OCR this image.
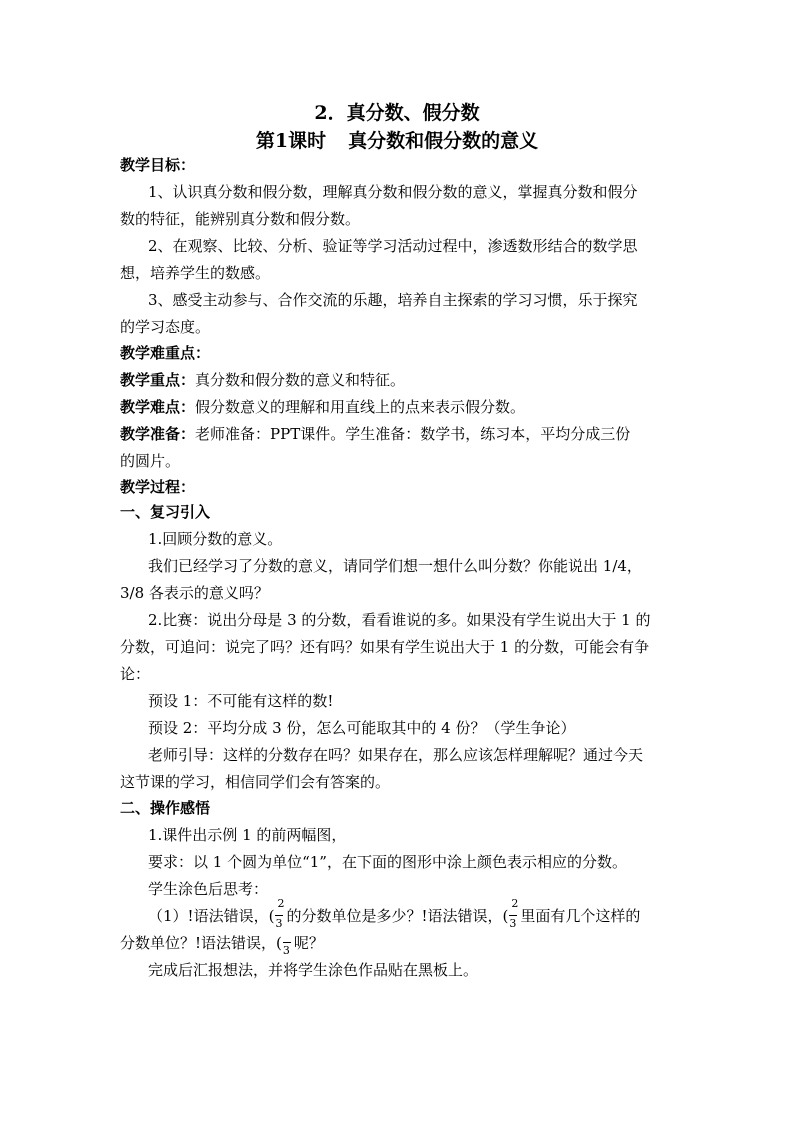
2．真分数、假分数
第1课时 真分数和假分数的意义
教学目标：
1、认识真分数和假分数，理解真分数和假分数的意义，掌握真分数和假分
数的特征，能辨别真分数和假分数。
2、在观察、比较、分析、验证等学习活动过程中，渗透数形结合的数学思
想，培养学生的数感。
3、感受主动参与、合作交流的乐趣，培养自主探索的学习习惯，乐于探究
的学习态度。
教学难重点：
教学重点：真分数和假分数的意义和特征。
教学难点：假分数意义的理解和用直线上的点来表示假分数。
教学准备：老师准备：PPT课件。学生准备：数学书，练习本，平均分成三份
的圆片。
教学过程：
一、复习引入
1.回顾分数的意义。
我们已经学习了分数的意义，请同学们想一想什么叫分数？你能说出 1/4，
3/8 各表示的意义吗？
2.比赛：说出分母是 3 的分数，看看谁说的多。如果没有学生说出大于 1 的
分数，可追问：说完了吗？还有吗？如果有学生说出大于 1 的分数，可能会有争
论：
预设 1：不可能有这样的数!
预设 2：平均分成 3 份，怎么可能取其中的 4 份？（学生争论）
老师引导：这样的分数存在吗？如果存在，那么应该怎样理解呢？通过今天
这节课的学习，相信同学们会有答案的。
二、操作感悟
1.课件出示例 1 的前两幅图，
要求：以 1 个圆为单位“1”，在下面的图形中涂上颜色表示相应的分数。
学生涂色后思考：
（1）!语法错误，( $\frac{2}{3}$ 的分数单位是多少？!语法错误，( $\frac{2}{3}$ 里面有几个这样的
分数单位？!语法错误，( 3 呢？
完成后汇报想法，并将学生涂色作品贴在黑板上。
